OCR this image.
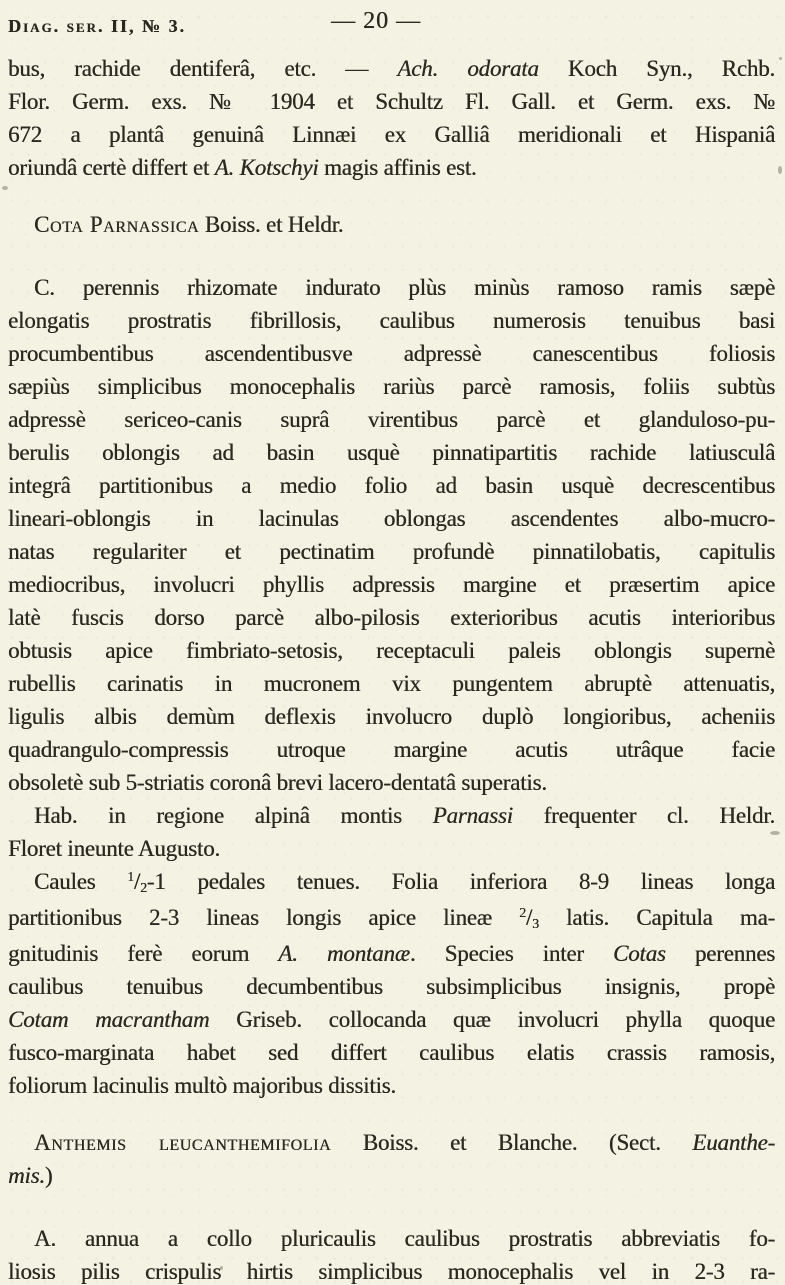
Diag. ser. II, № 3.	— 20 —
bus, rachide dentiferâ, etc. — Ach. odorata Koch Syn., Rchb.
Flor. Germ. exs. № 1904 et Schultz Fl. Gall. et Germ. exs. №
672 a plantâ genuinâ Linnæi ex Galliâ meridionali et Hispaniâ
oriundâ certè differt et A. Kotschyi magis affinis est.
Cota Parnassica Boiss. et Heldr.
C. perennis rhizomate indurato plùs minùs ramoso ramis sæpè
elongatis prostratis fibrillosis, caulibus numerosis tenuibus basi
procumbentibus ascendentibusve adpressè canescentibus foliosis
sæpiùs simplicibus monocephalis rariùs parcè ramosis, foliis subtùs
adpressè sericeo-canis suprâ virentibus parcè et glanduloso-pu-
berulis oblongis ad basin usquè pinnatipartitis rachide latiusculâ
integrâ partitionibus a medio folio ad basin usquè decrescentibus
lineari-oblongis in lacinulas oblongas ascendentes albo-mucro-
natas regulariter et pectinatim profundè pinnatilobatis, capitulis
mediocribus, involucri phyllis adpressis margine et præsertim apice
latè fuscis dorso parcè albo-pilosis exterioribus acutis interioribus
obtusis apice fimbriato-setosis, receptaculi paleis oblongis supernè
rubellis carinatis in mucronem vix pungentem abruptè attenuatis,
ligulis albis demùm deflexis involucro duplò longioribus, acheniis
quadrangulo-compressis utroque margine acutis utrâque facie
obsoletè sub 5-striatis coronâ brevi lacero-dentatâ superatis.
Hab. in regione alpinâ montis Parnassi frequenter cl. Heldr.
Floret ineunte Augusto.
Caules $^1$/2-1 pedales tenues. Folia inferiora 8-9 lineas longa
partitionibus 2-3 lineas longis apice lineæ $^2$/3 latis. Capitula ma-
gnitudinis ferè eorum A. montanæ. Species inter Cotas perennes
caulibus tenuibus decumbentibus subsimplicibus insignis, propè
Cotam macrantham Griseb. collocanda quæ involucri phylla quoque
fusco-marginata habet sed differt caulibus elatis crassis ramosis,
foliorum lacinulis multò majoribus dissitis.
Anthemis leucanthemifolia Boiss. et Blanche. (Sect. Euanthe-
mis.)
A. annua a collo pluricaulis caulibus prostratis abbreviatis fo-
liosis pilis crispulis hirtis simplicibus monocephalis vel in 2-3 ra-
